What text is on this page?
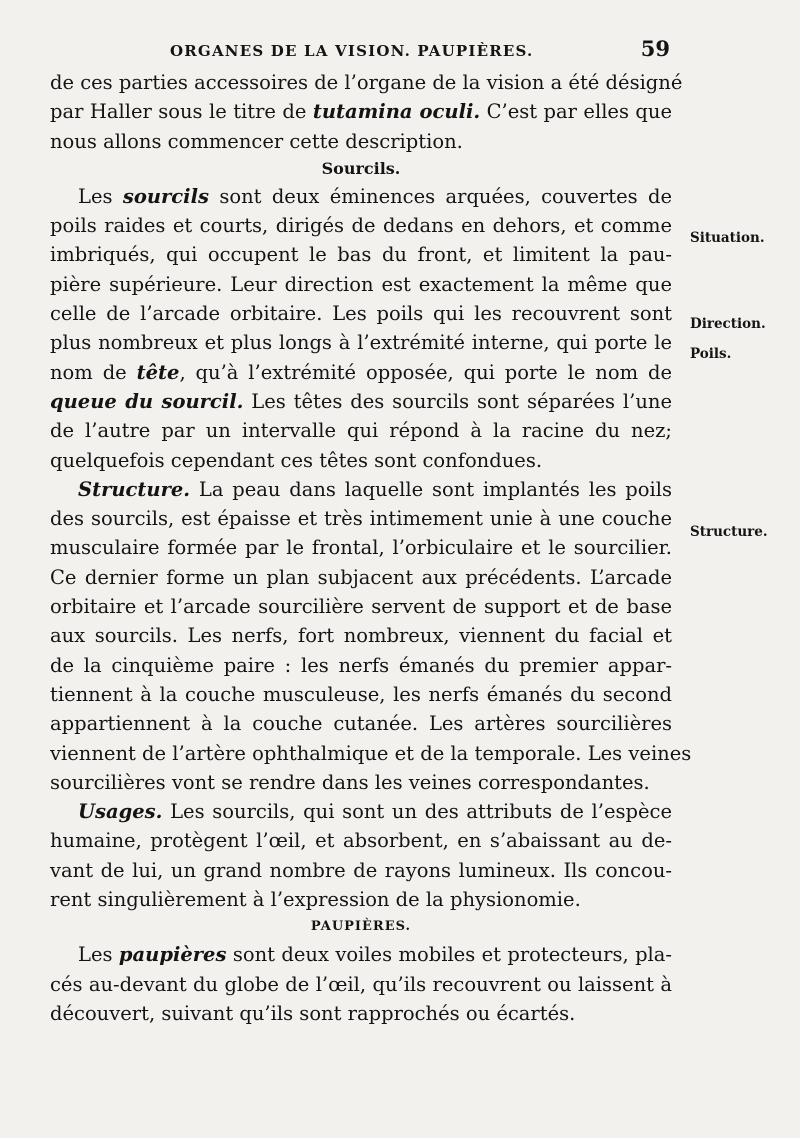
ORGANES DE LA VISION. PAUPIÈRES.	59
de ces parties accessoires de l’organe de la vision a été désigné
par Haller sous le titre de tutamina oculi. C’est par elles que
nous allons commencer cette description.
Sourcils.
Les sourcils sont deux éminences arquées, couvertes de
poils raides et courts, dirigés de dedans en dehors, et comme
imbriqués, qui occupent le bas du front, et limitent la pau-
pière supérieure. Leur direction est exactement la même que
celle de l’arcade orbitaire. Les poils qui les recouvrent sont
plus nombreux et plus longs à l’extrémité interne, qui porte le
nom de tête, qu’à l’extrémité opposée, qui porte le nom de
queue du sourcil. Les têtes des sourcils sont séparées l’une
de l’autre par un intervalle qui répond à la racine du nez;
quelquefois cependant ces têtes sont confondues.
Structure. La peau dans laquelle sont implantés les poils
des sourcils, est épaisse et très intimement unie à une couche
musculaire formée par le frontal, l’orbiculaire et le sourcilier.
Ce dernier forme un plan subjacent aux précédents. L’arcade
orbitaire et l’arcade sourcilière servent de support et de base
aux sourcils. Les nerfs, fort nombreux, viennent du facial et
de la cinquième paire : les nerfs émanés du premier appar-
tiennent à la couche musculeuse, les nerfs émanés du second
appartiennent à la couche cutanée. Les artères sourcilières
viennent de l’artère ophthalmique et de la temporale. Les veines
sourcilières vont se rendre dans les veines correspondantes.
Usages. Les sourcils, qui sont un des attributs de l’espèce
humaine, protègent l’œil, et absorbent, en s’abaissant au de-
vant de lui, un grand nombre de rayons lumineux. Ils concou-
rent singulièrement à l’expression de la physionomie.
PAUPIÈRES.
Les paupières sont deux voiles mobiles et protecteurs, pla-
cés au-devant du globe de l’œil, qu’ils recouvrent ou laissent à
découvert, suivant qu’ils sont rapprochés ou écartés.
Situation.
Direction.
Poils.
Structure.
